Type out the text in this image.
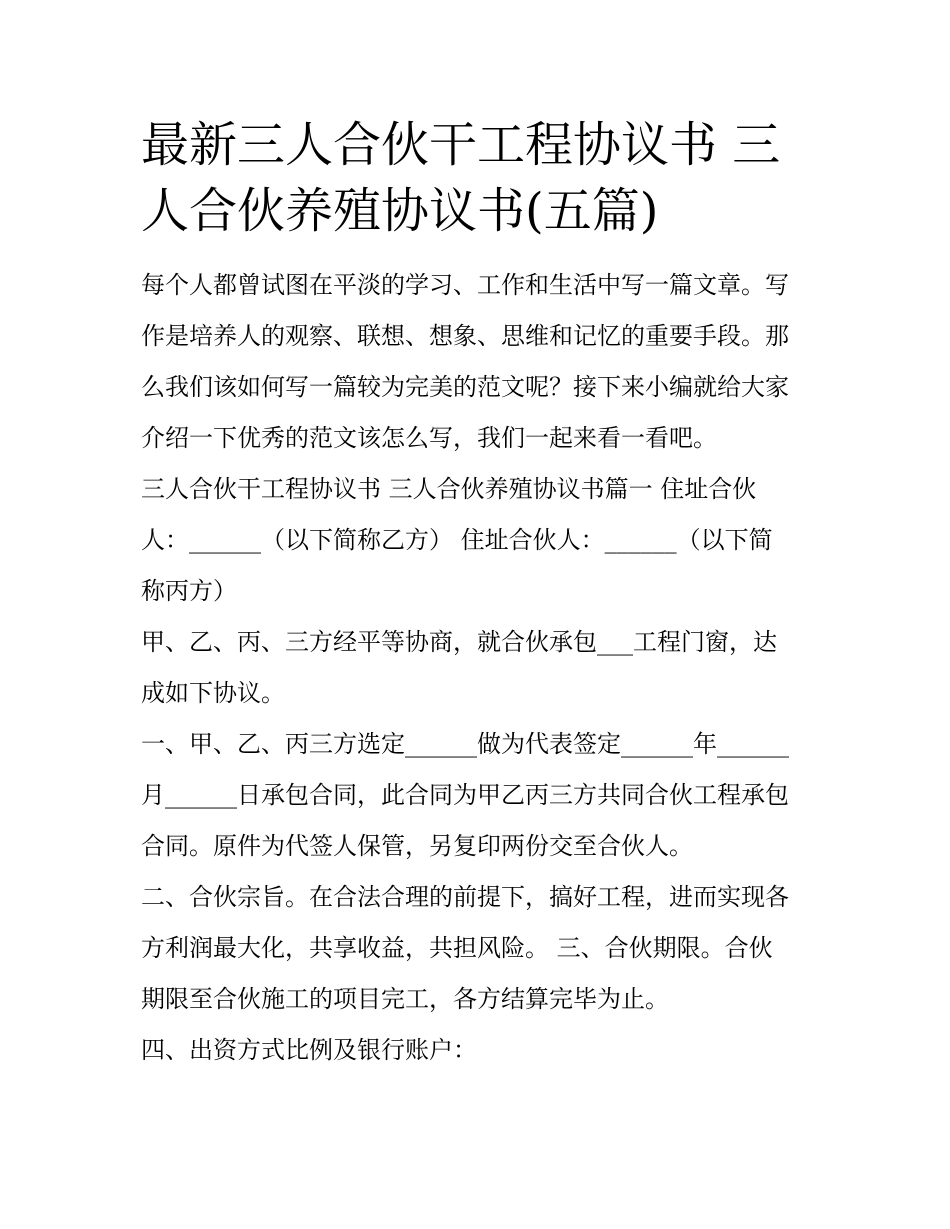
最新三人合伙干工程协议书 三
人合伙养殖协议书(五篇)

每个人都曾试图在平淡的学习、工作和生活中写一篇文章。写
作是培养人的观察、联想、想象、思维和记忆的重要手段。那
么我们该如何写一篇较为完美的范文呢？接下来小编就给大家
介绍一下优秀的范文该怎么写，我们一起来看一看吧。

三人合伙干工程协议书 三人合伙养殖协议书篇一 住址合伙
人：______（以下简称乙方） 住址合伙人：______（以下简
称丙方）

甲、乙、丙、三方经平等协商，就合伙承包___工程门窗，达
成如下协议。

一、甲、乙、丙三方选定______做为代表签定______年______
月______日承包合同，此合同为甲乙丙三方共同合伙工程承包
合同。原件为代签人保管，另复印两份交至合伙人。

二、合伙宗旨。在合法合理的前提下，搞好工程，进而实现各
方利润最大化，共享收益，共担风险。 三、合伙期限。合伙
期限至合伙施工的项目完工，各方结算完毕为止。

四、出资方式比例及银行账户：
